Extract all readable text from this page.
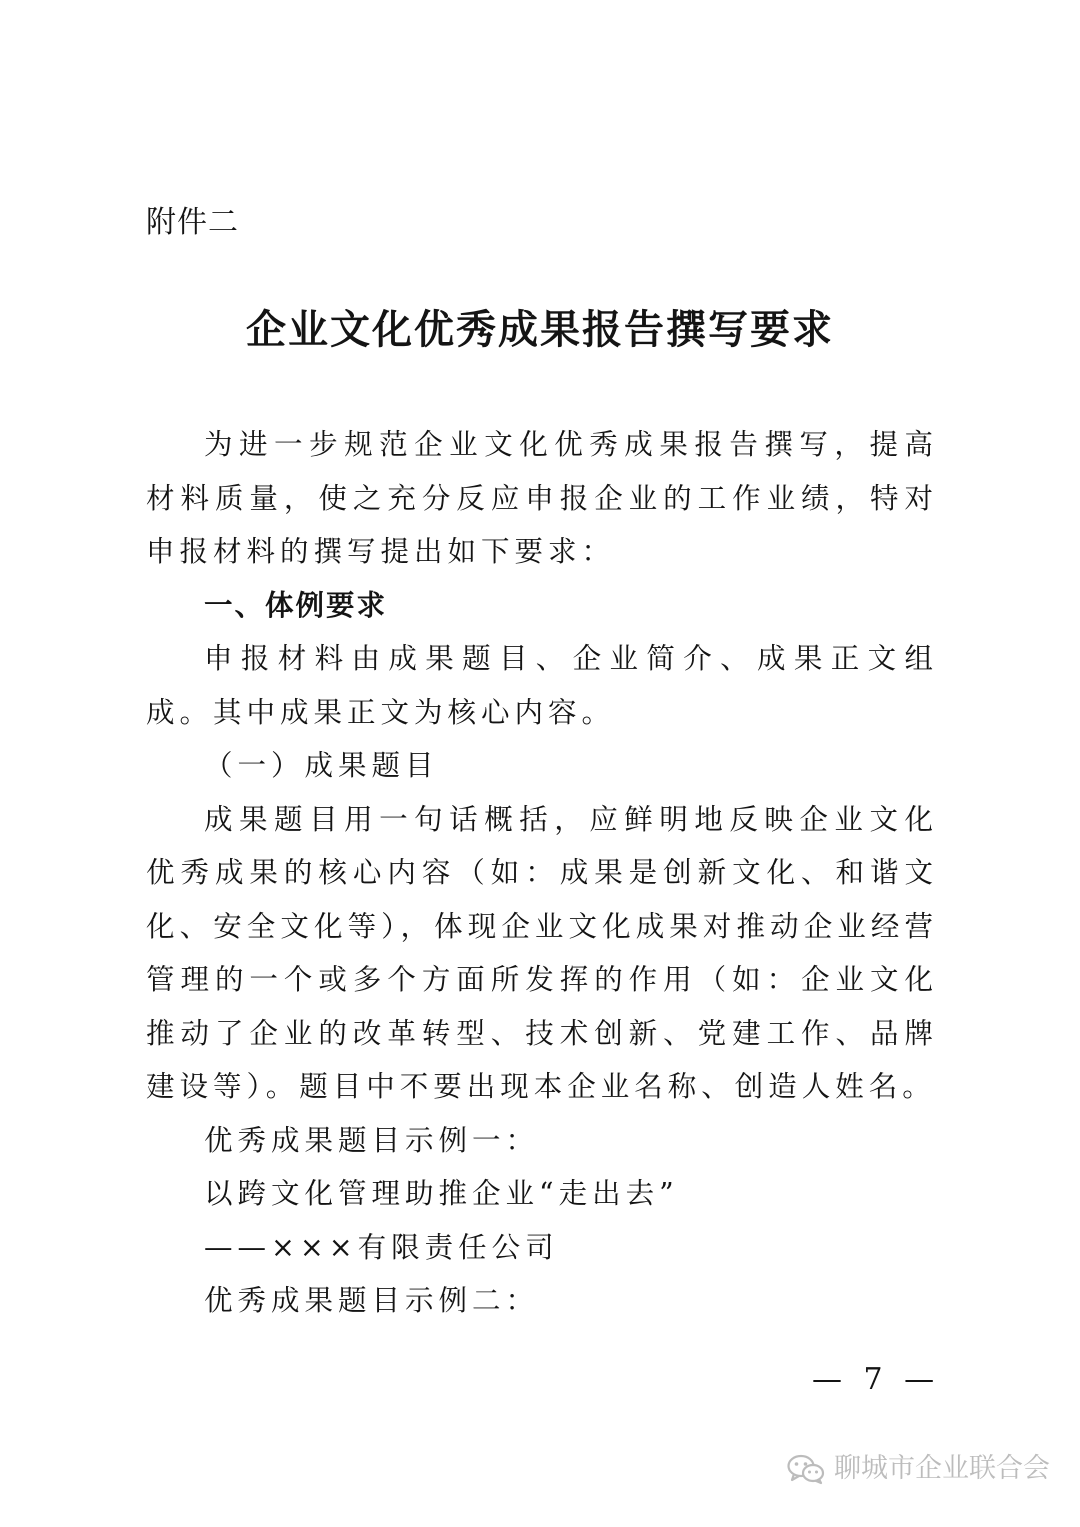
附件二
企业文化优秀成果报告撰写要求

为进一步规范企业文化优秀成果报告撰写，提高材料质量，使之充分反应申报企业的工作业绩，特对申报材料的撰写提出如下要求：

一、体例要求

申报材料由成果题目、企业简介、成果正文组成。其中成果正文为核心内容。

（一）成果题目

成果题目用一句话概括，应鲜明地反映企业文化优秀成果的核心内容（如：成果是创新文化、和谐文化、安全文化等），体现企业文化成果对推动企业经营管理的一个或多个方面所发挥的作用（如：企业文化推动了企业的改革转型、技术创新、党建工作、品牌建设等）。题目中不要出现本企业名称、创造人姓名。

优秀成果题目示例一：

以跨文化管理助推企业“走出去”

——×××有限责任公司

优秀成果题目示例二：

— 7 —
聊城市企业联合会
